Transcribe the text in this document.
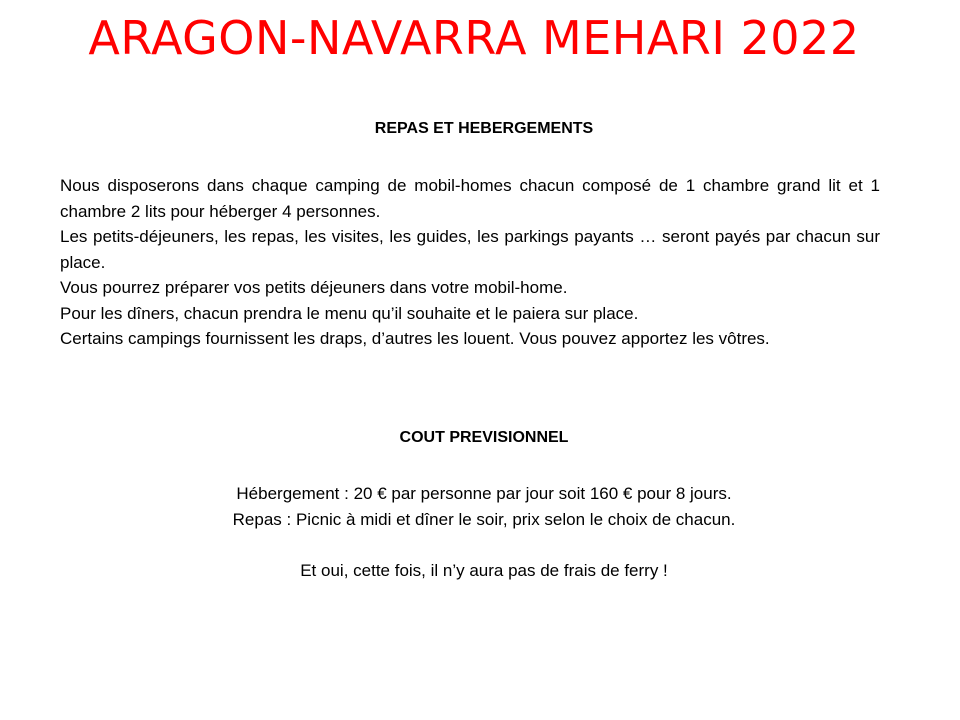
ARAGON-NAVARRA MEHARI 2022
REPAS ET HEBERGEMENTS
Nous disposerons dans chaque camping de mobil-homes chacun composé de 1 chambre grand lit et 1 chambre 2 lits pour héberger 4 personnes.
Les petits-déjeuners, les repas, les visites, les guides, les parkings payants … seront payés par chacun sur place.
Vous pourrez préparer vos petits déjeuners dans votre mobil-home.
Pour les dîners, chacun prendra le menu qu’il souhaite et le paiera sur place.
Certains campings fournissent les draps, d’autres les louent. Vous pouvez apportez les vôtres.
COUT PREVISIONNEL
Hébergement : 20 € par personne par jour soit 160 € pour 8 jours.
Repas : Picnic à midi et dîner le soir, prix selon le choix de chacun.
Et oui, cette fois, il n’y aura pas de frais de ferry !
